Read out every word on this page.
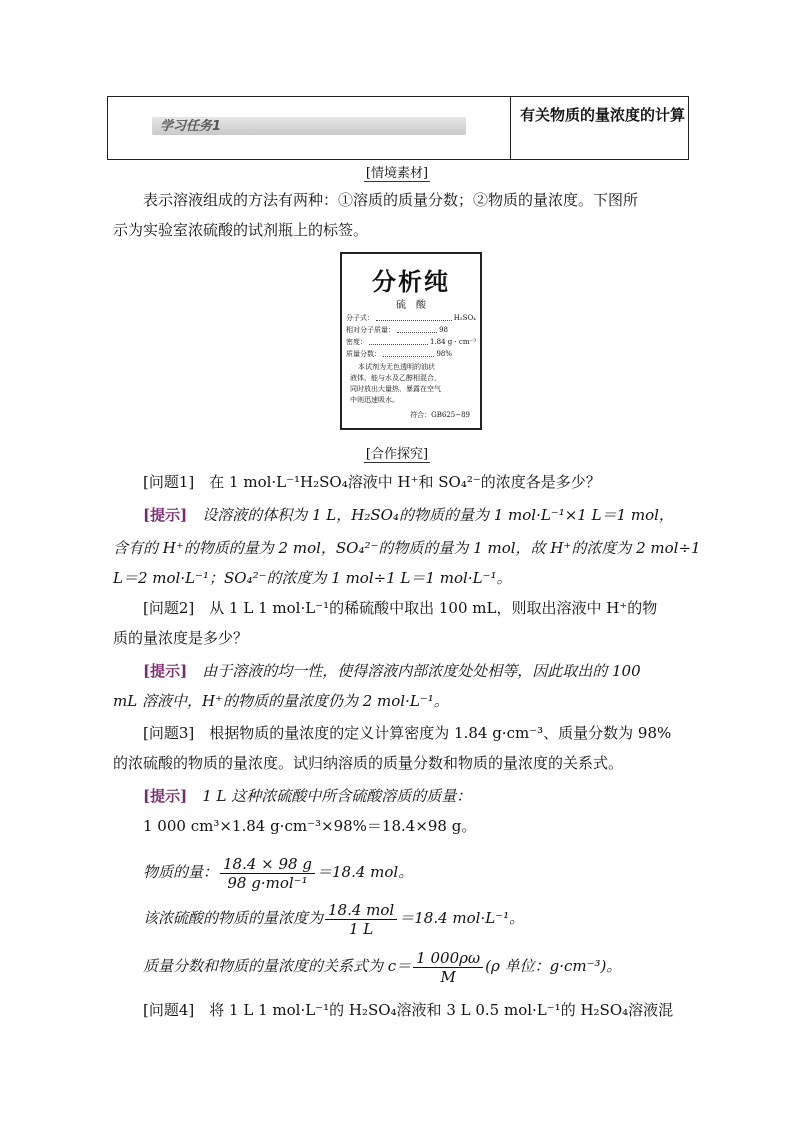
学习任务1
有关物质的量浓度的计算
[情境素材]
表示溶液组成的方法有两种：①溶质的质量分数；②物质的量浓度。下图所
示为实验室浓硫酸的试剂瓶上的标签。
分析纯
硫　酸
分子式：	H₂SO₄
相对分子质量：	98
密度：	1.84 g · cm⁻³
质量分数：	98%
本试剂为无色透明的油状
液体，能与水及乙醇相混合，
同时放出大量热，暴露在空气
中则迅速吸水。
符合：GB625−89
[合作探究]
[问题1]　 在 1 mol·L⁻¹H₂SO₄溶液中 H⁺和 SO₄²⁻的浓度各是多少？
[提示]　 设溶液的体积为 1 L，H₂SO₄的物质的量为 1 mol·L⁻¹×1 L＝1 mol，
含有的 H⁺的物质的量为 2 mol，SO₄²⁻的物质的量为 1 mol，故 H⁺的浓度为 2 mol÷1
L＝2 mol·L⁻¹；SO₄²⁻的浓度为 1 mol÷1 L＝1 mol·L⁻¹。
[问题2]　 从 1 L 1 mol·L⁻¹的稀硫酸中取出 100 mL，则取出溶液中 H⁺的物
质的量浓度是多少？
[提示]　 由于溶液的均一性，使得溶液内部浓度处处相等，因此取出的 100
mL 溶液中，H⁺的物质的量浓度仍为 2 mol·L⁻¹。
[问题3]　 根据物质的量浓度的定义计算密度为 1.84 g·cm⁻³、质量分数为 98%
的浓硫酸的物质的量浓度。试归纳溶质的质量分数和物质的量浓度的关系式。
[提示]　 1 L 这种浓硫酸中所含硫酸溶质的质量：
1 000 cm³×1.84 g·cm⁻³×98%＝18.4×98 g。
物质的量： $\frac{18.4 \times 98 g}{\text{98 g·mol⁻¹}} =18.4$ mol。
该浓硫酸的物质的量浓度为 $\frac{\text{18.4 mol}}{1 L} =18.4$ mol·L⁻¹。
质量分数和物质的量浓度的关系式为 $c= \frac{1 000\rho\omega}{M} (\rho$ 单位：g·cm⁻³)。
[问题4]　 将 1 L 1 mol·L⁻¹的 H₂SO₄溶液和 3 L 0.5 mol·L⁻¹的 H₂SO₄溶液混
